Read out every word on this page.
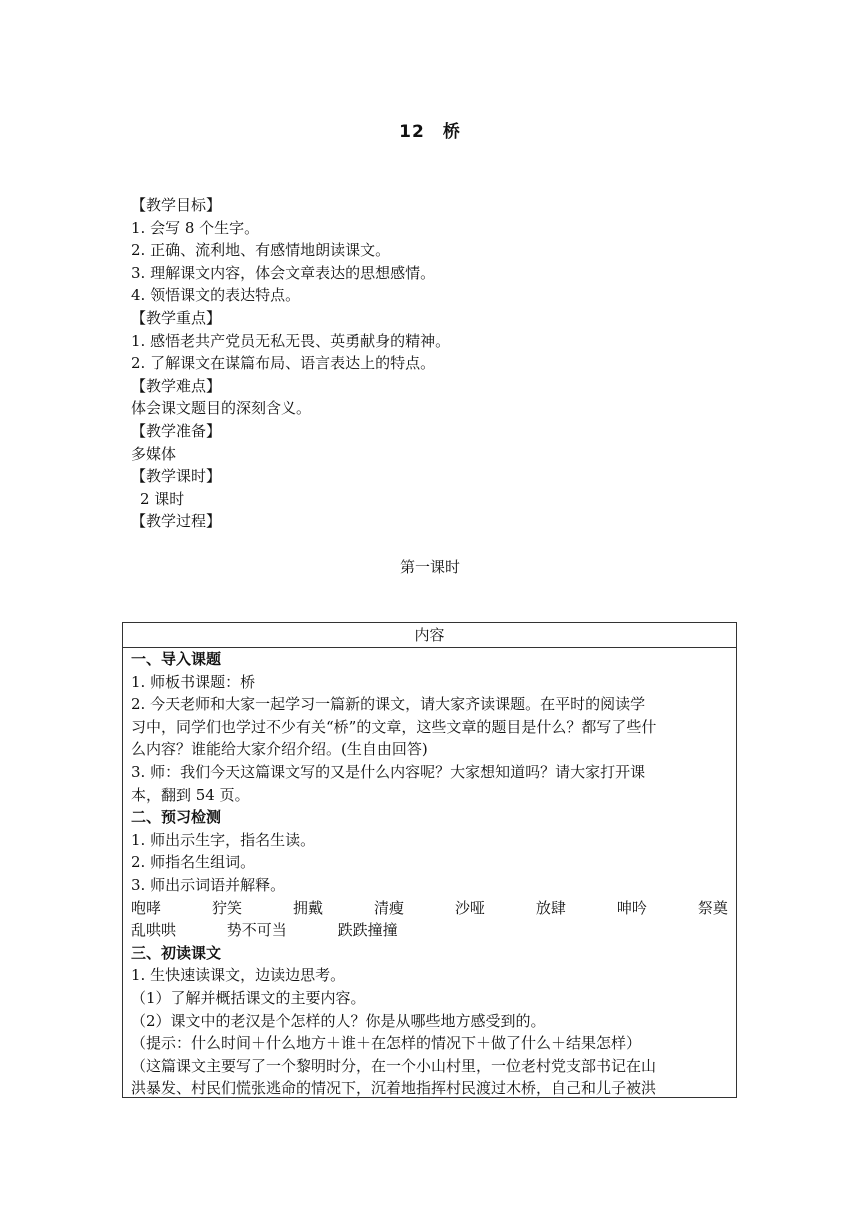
12　桥
【教学目标】
1. 会写 8 个生字。
2. 正确、流利地、有感情地朗读课文。
3. 理解课文内容，体会文章表达的思想感情。
4. 领悟课文的表达特点。
【教学重点】
1. 感悟老共产党员无私无畏、英勇献身的精神。
2. 了解课文在谋篇布局、语言表达上的特点。
【教学难点】
体会课文题目的深刻含义。
【教学准备】
多媒体
【教学课时】
2 课时
【教学过程】
第一课时
内容
一、导入课题
1. 师板书课题：桥
2. 今天老师和大家一起学习一篇新的课文，请大家齐读课题。在平时的阅读学
习中，同学们也学过不少有关“桥”的文章，这些文章的题目是什么？都写了些什
么内容？谁能给大家介绍介绍。(生自由回答)
3. 师：我们今天这篇课文写的又是什么内容呢？大家想知道吗？请大家打开课
本，翻到 54 页。
二、预习检测
1. 师出示生字，指名生读。
2. 师指名生组词。
3. 师出示词语并解释。
咆哮	狞笑	拥戴	清瘦	沙哑	放肆	呻吟	祭奠
乱哄哄	势不可当	跌跌撞撞
三、初读课文
1. 生快速读课文，边读边思考。
（1）了解并概括课文的主要内容。
（2）课文中的老汉是个怎样的人？你是从哪些地方感受到的。
（提示：什么时间＋什么地方＋谁＋在怎样的情况下＋做了什么＋结果怎样）
（这篇课文主要写了一个黎明时分，在一个小山村里，一位老村党支部书记在山
洪暴发、村民们慌张逃命的情况下，沉着地指挥村民渡过木桥，自己和儿子被洪
